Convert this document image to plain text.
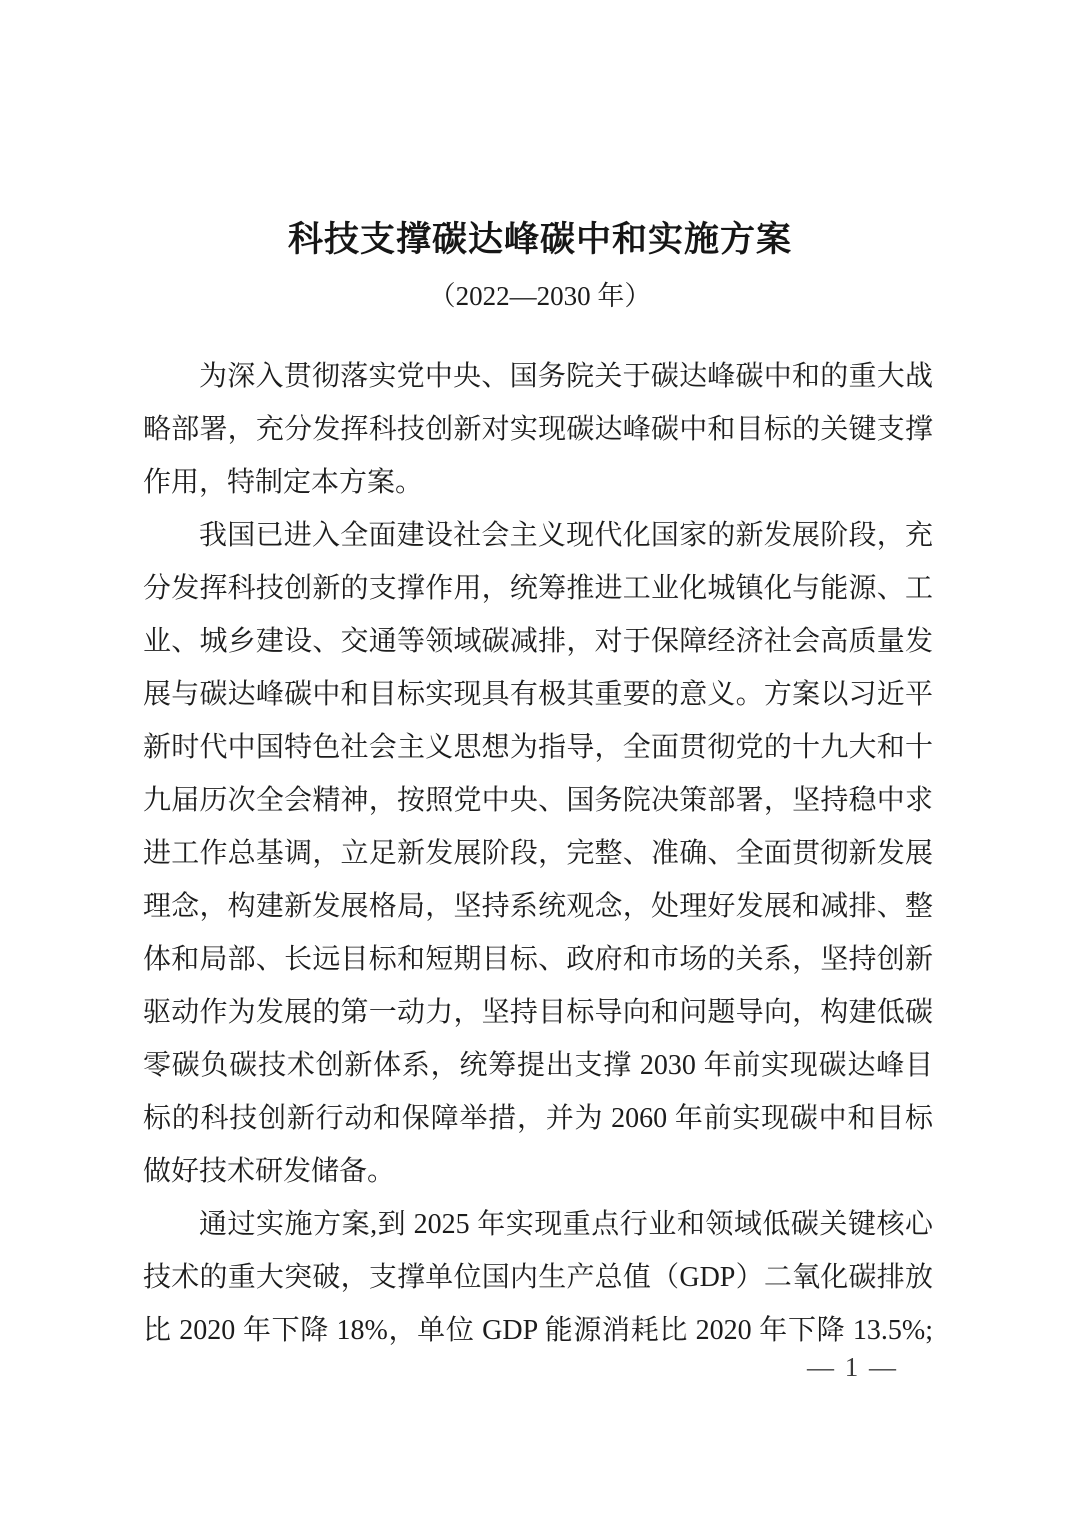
科技支撑碳达峰碳中和实施方案
（2022—2030 年）
为深入贯彻落实党中央、国务院关于碳达峰碳中和的重大战
略部署，充分发挥科技创新对实现碳达峰碳中和目标的关键支撑
作用，特制定本方案。
我国已进入全面建设社会主义现代化国家的新发展阶段，充
分发挥科技创新的支撑作用，统筹推进工业化城镇化与能源、工
业、城乡建设、交通等领域碳减排，对于保障经济社会高质量发
展与碳达峰碳中和目标实现具有极其重要的意义。方案以习近平
新时代中国特色社会主义思想为指导，全面贯彻党的十九大和十
九届历次全会精神，按照党中央、国务院决策部署，坚持稳中求
进工作总基调，立足新发展阶段，完整、准确、全面贯彻新发展
理念，构建新发展格局，坚持系统观念，处理好发展和减排、整
体和局部、长远目标和短期目标、政府和市场的关系，坚持创新
驱动作为发展的第一动力，坚持目标导向和问题导向，构建低碳
零碳负碳技术创新体系，统筹提出支撑 2030 年前实现碳达峰目
标的科技创新行动和保障举措，并为 2060 年前实现碳中和目标
做好技术研发储备。
通过实施方案,到 2025 年实现重点行业和领域低碳关键核心
技术的重大突破，支撑单位国内生产总值（GDP）二氧化碳排放
比 2020 年下降 18%，单位 GDP 能源消耗比 2020 年下降 13.5%;
— 1 —
